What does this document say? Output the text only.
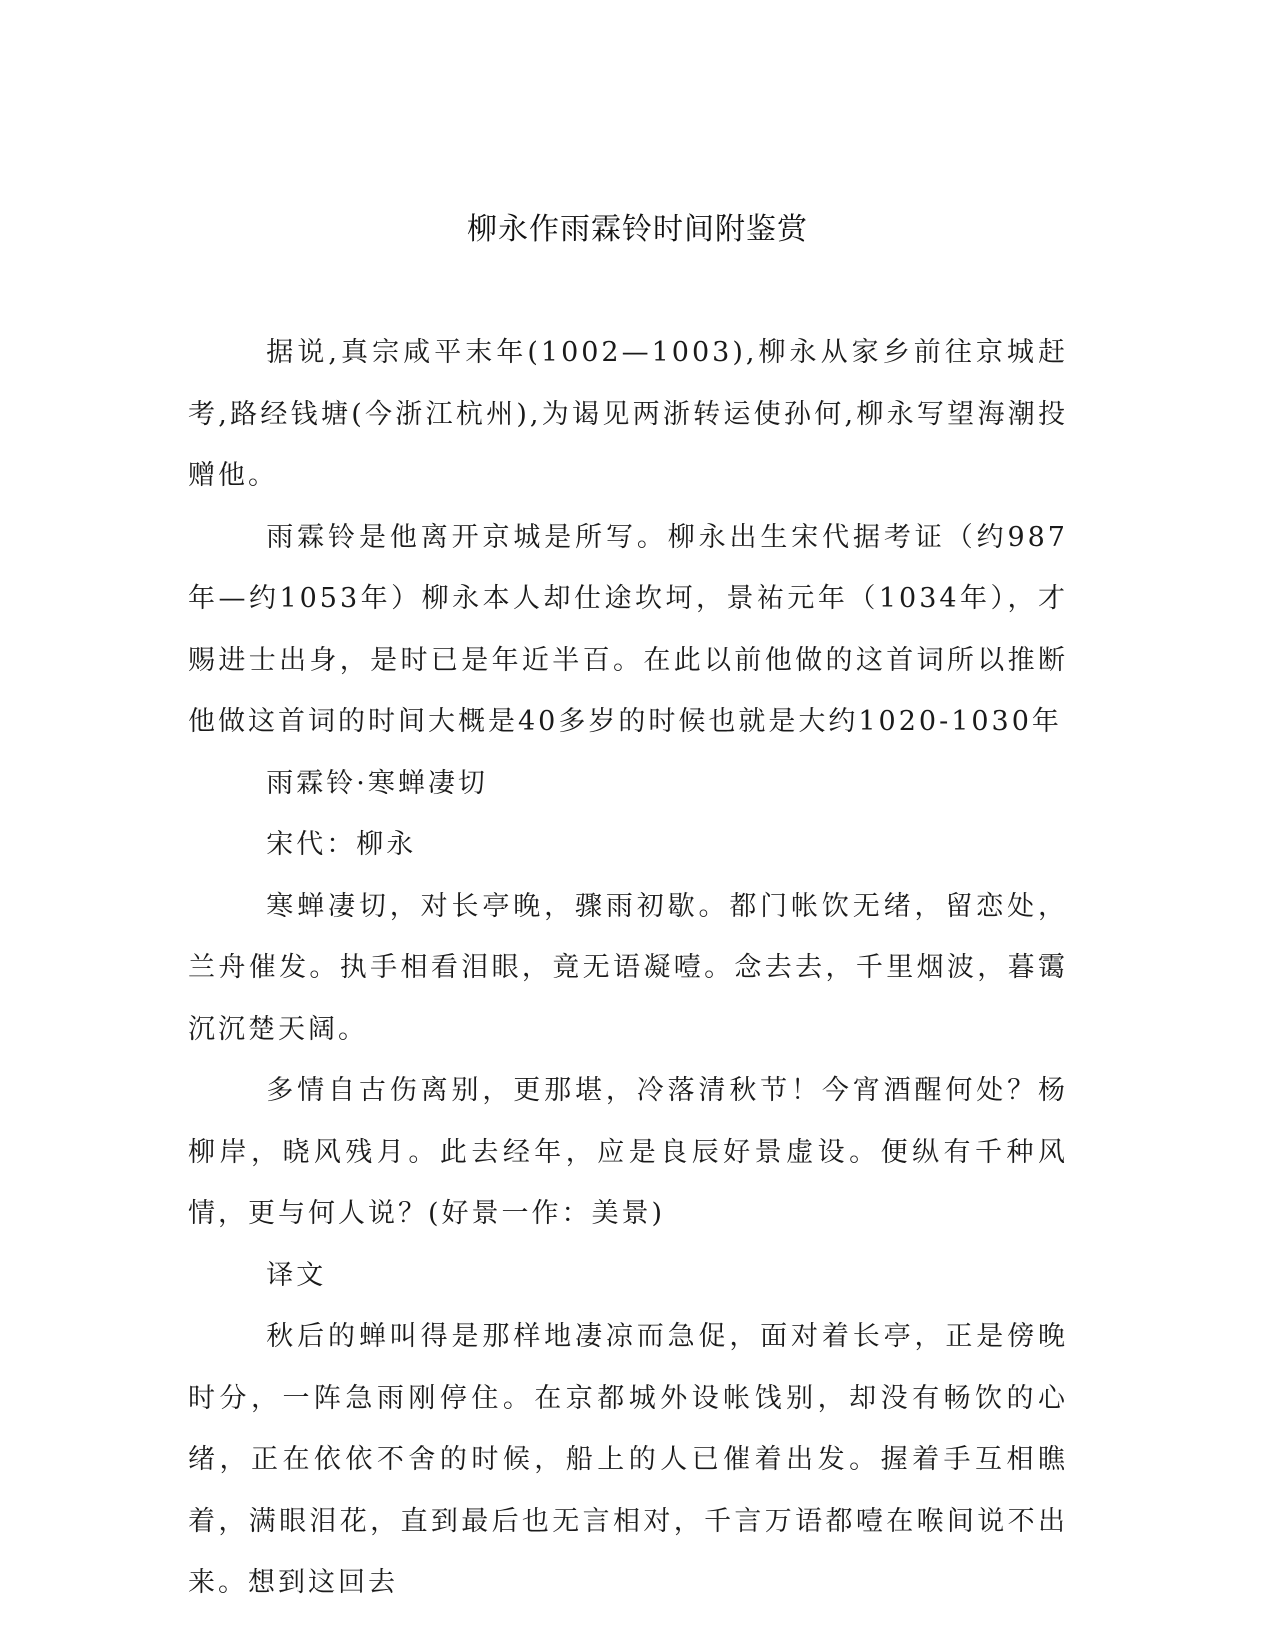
柳永作雨霖铃时间附鉴赏

据说,真宗咸平末年(1002—1003),柳永从家乡前往京城赶考,路经钱塘(今浙江杭州),为谒见两浙转运使孙何,柳永写望海潮投赠他。

雨霖铃是他离开京城是所写。柳永出生宋代据考证（约987年—约1053年）柳永本人却仕途坎坷，景祐元年（1034年），才赐进士出身，是时已是年近半百。在此以前他做的这首词所以推断他做这首词的时间大概是40多岁的时候也就是大约1020-1030年

雨霖铃·寒蝉凄切

宋代：柳永

寒蝉凄切，对长亭晚，骤雨初歇。都门帐饮无绪，留恋处，兰舟催发。执手相看泪眼，竟无语凝噎。念去去，千里烟波，暮霭沉沉楚天阔。

多情自古伤离别，更那堪，冷落清秋节！今宵酒醒何处？杨柳岸，晓风残月。此去经年，应是良辰好景虚设。便纵有千种风情，更与何人说？(好景一作：美景)

译文

秋后的蝉叫得是那样地凄凉而急促，面对着长亭，正是傍晚时分，一阵急雨刚停住。在京都城外设帐饯别，却没有畅饮的心绪，正在依依不舍的时候，船上的人已催着出发。握着手互相瞧着，满眼泪花，直到最后也无言相对，千言万语都噎在喉间说不出来。想到这回去
